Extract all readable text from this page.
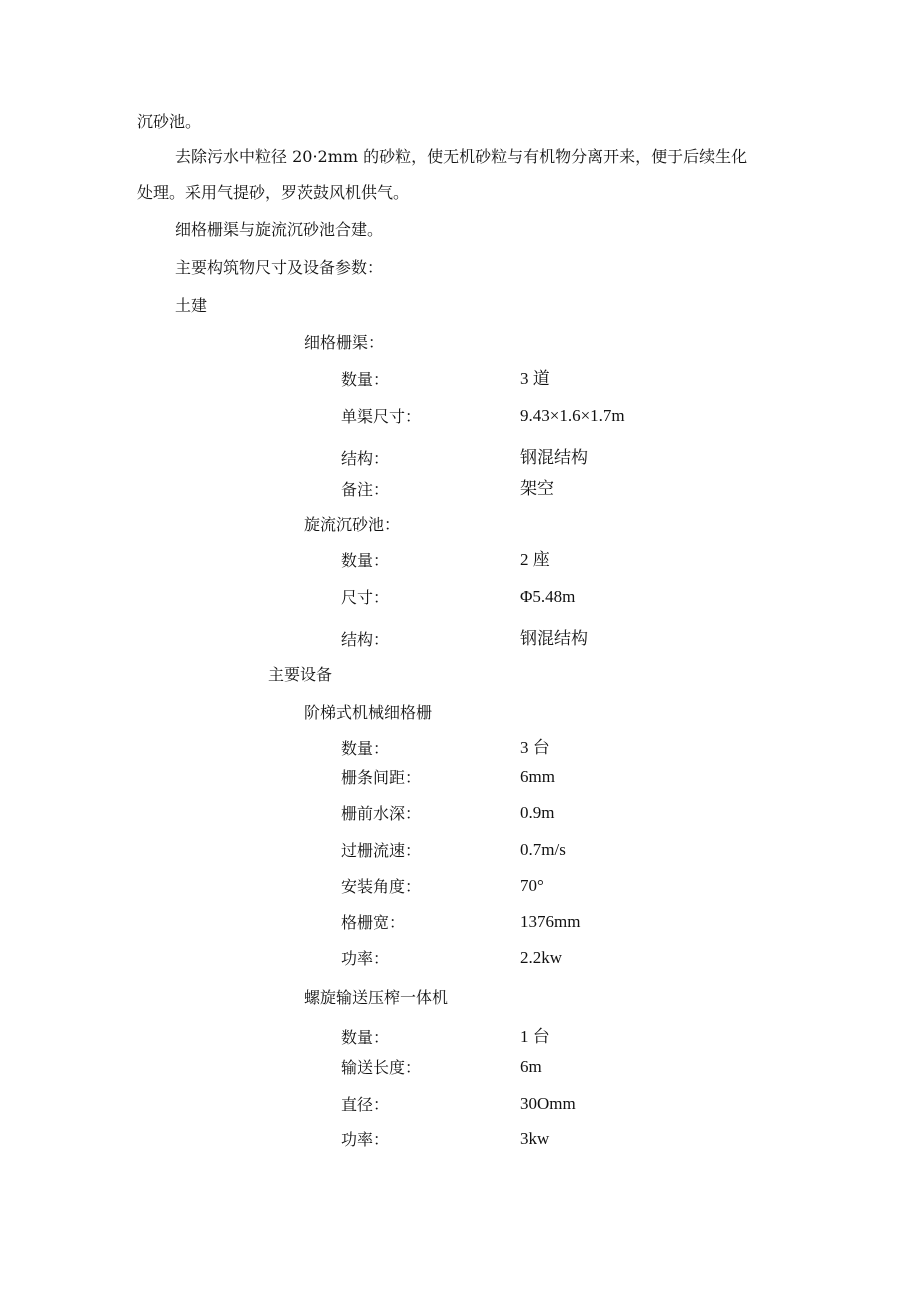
沉砂池。
去除污水中粒径 20·2mm 的砂粒，使无机砂粒与有机物分离开来，便于后续生化
处理。采用气提砂，罗茨鼓风机供气。
细格栅渠与旋流沉砂池合建。
主要构筑物尺寸及设备参数：
土建
细格栅渠：
数量：	3 道
单渠尺寸：	9.43×1.6×1.7m
结构：	钢混结构
备注：	架空
旋流沉砂池：
数量：	2 座
尺寸：	Φ5.48m
结构：	钢混结构
主要设备
阶梯式机械细格栅
数量：	3 台
栅条间距：	6mm
栅前水深：	0.9m
过栅流速：	0.7m/s
安装角度：	70°
格栅宽：	1376mm
功率：	2.2kw
螺旋输送压榨一体机
数量：	1 台
输送长度：	6m
直径：	30Omm
功率：	3kw
